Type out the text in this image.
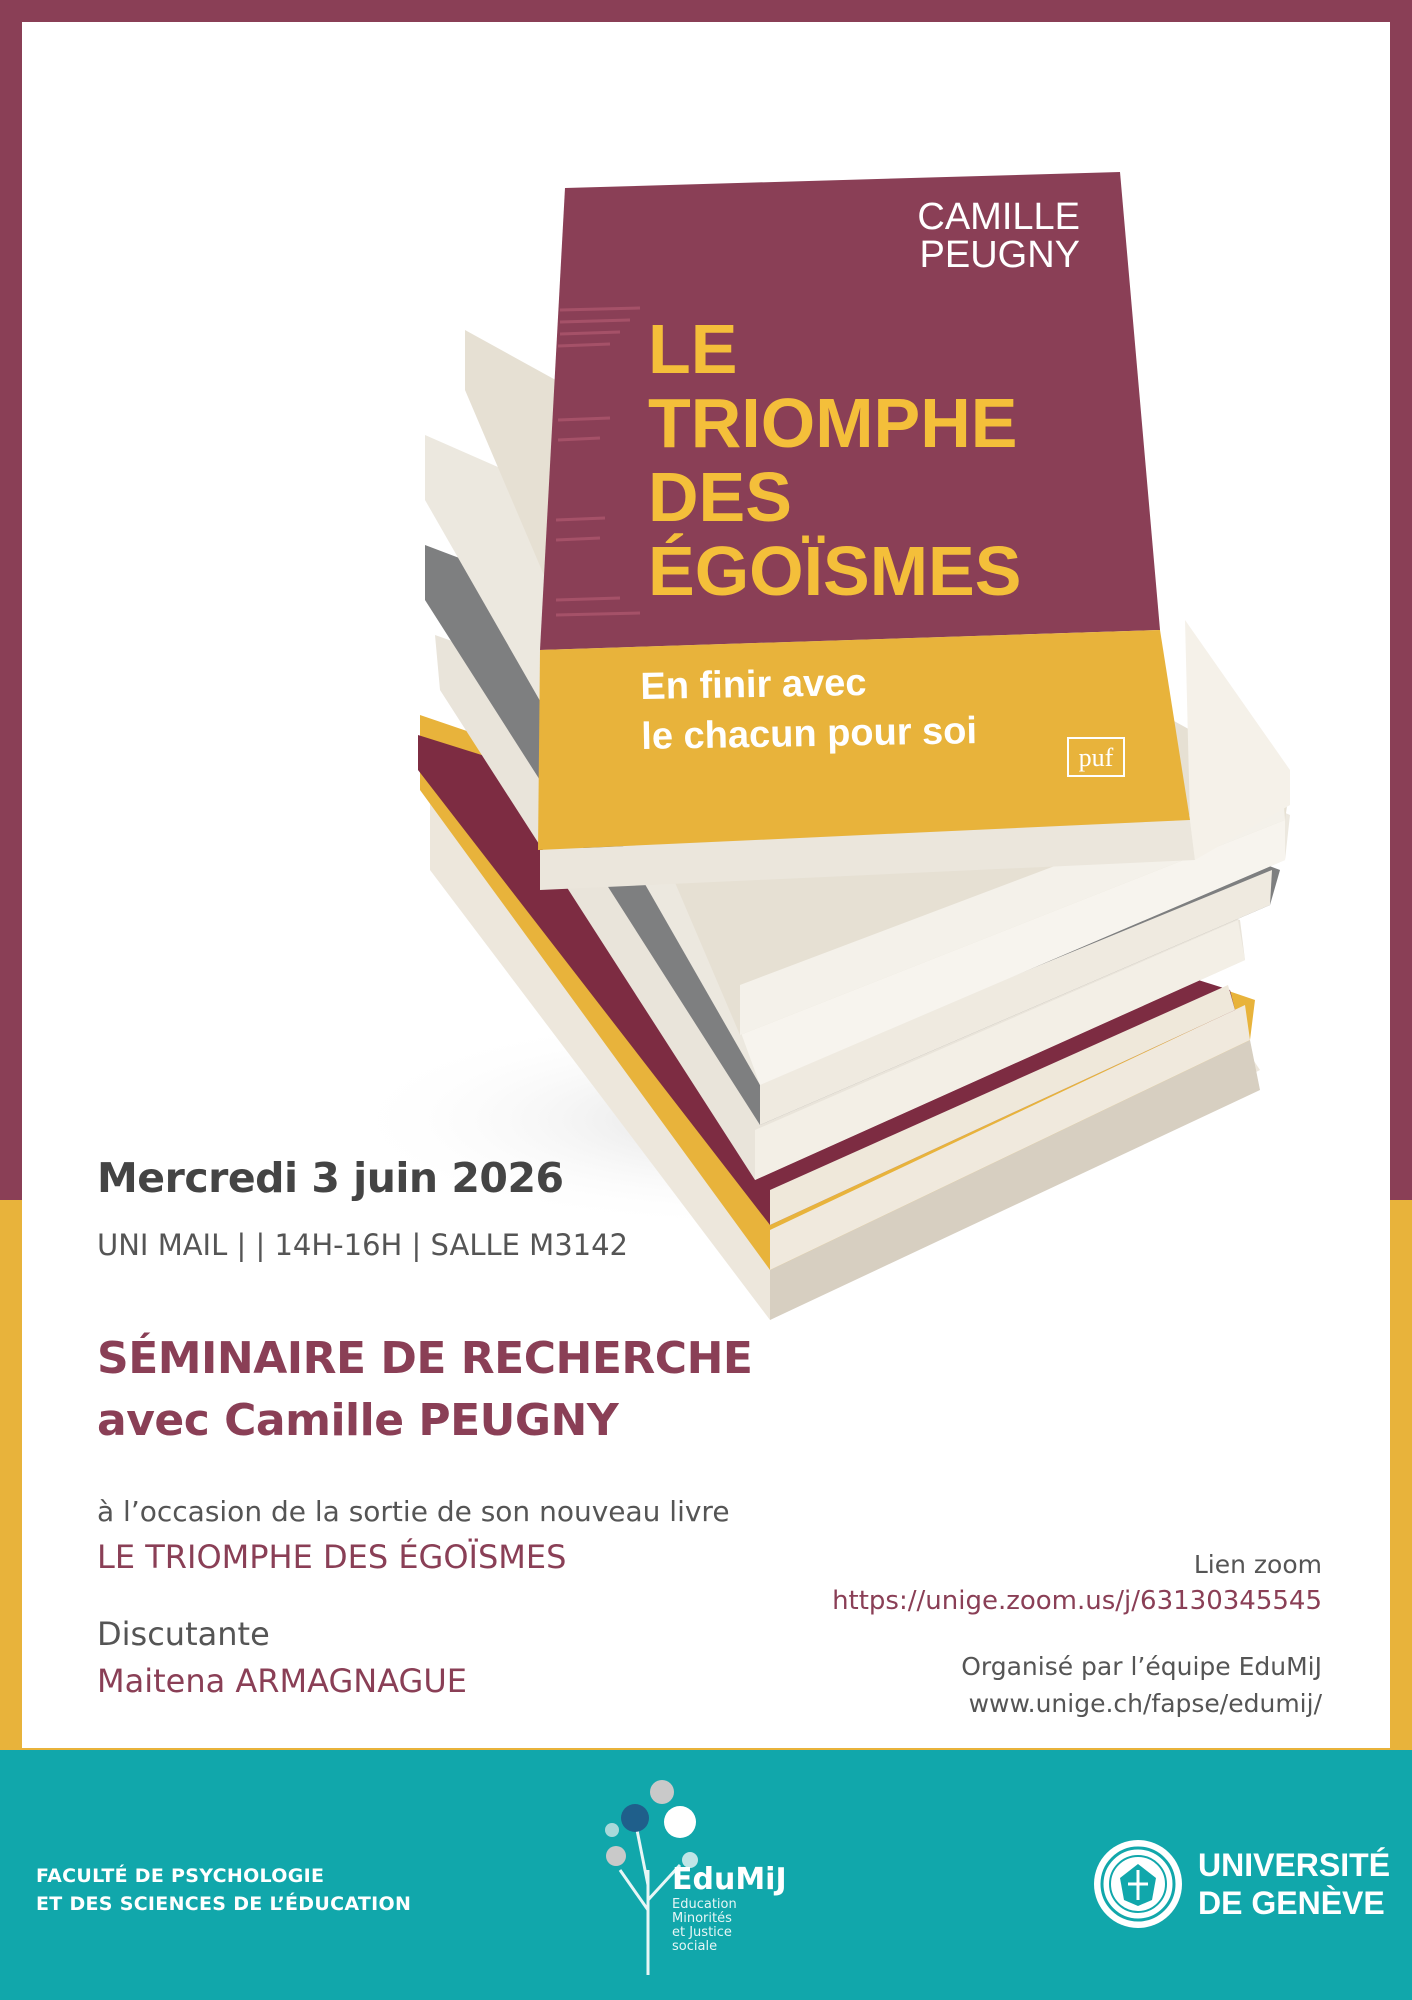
CAMILLE
PEUGNY
LE
TRIOMPHE
DES
ÉGOÏSMES
En finir avec
le chacun pour soi	puf
Mercredi 3 juin 2026
UNI MAIL | | 14H-16H | SALLE M3142
SÉMINAIRE DE RECHERCHE
avec Camille PEUGNY
à l’occasion de la sortie de son nouveau livre
LE TRIOMPHE DES ÉGOÏSMES
Discutante
Maitena ARMAGNAGUE
Lien zoom
https://unige.zoom.us/j/63130345545
Organisé par l’équipe EduMiJ
www.unige.ch/fapse/edumij/
FACULTÉ DE PSYCHOLOGIE
ET DES SCIENCES DE L’ÉDUCATION
EduMiJ
Education
Minorités
et Justice
sociale
UNIVERSITÉ
DE GENÈVE
